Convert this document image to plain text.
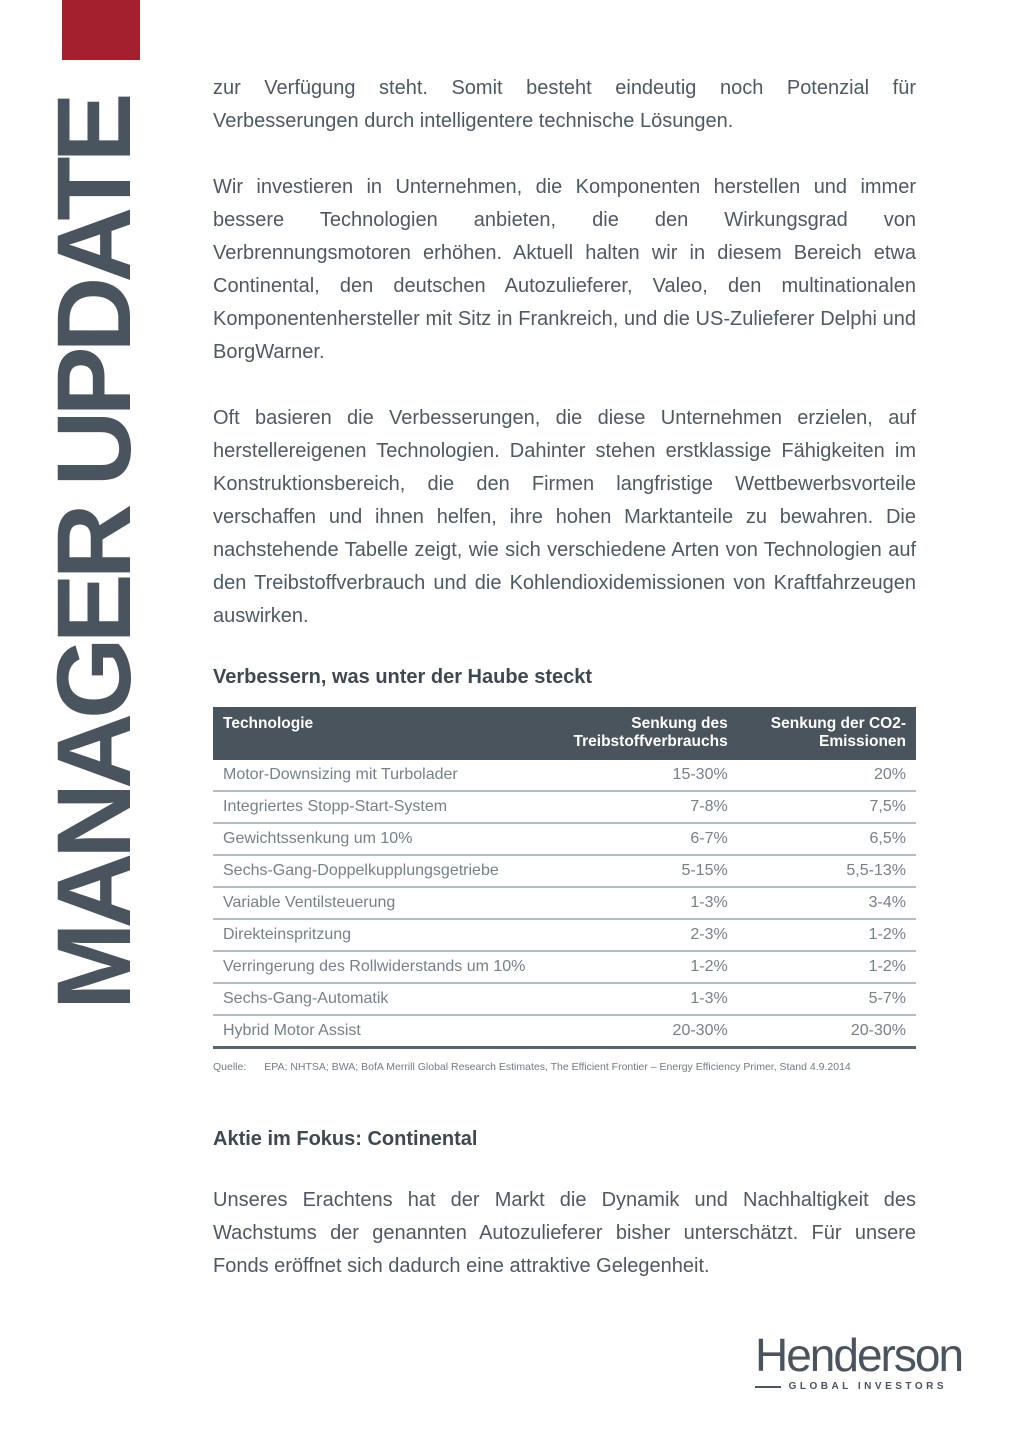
MANAGER UPDATE

zur Verfügung steht. Somit besteht eindeutig noch Potenzial für Verbesserungen durch intelligentere technische Lösungen.

Wir investieren in Unternehmen, die Komponenten herstellen und immer bessere Technologien anbieten, die den Wirkungsgrad von Verbrennungsmotoren erhöhen. Aktuell halten wir in diesem Bereich etwa Continental, den deutschen Autozulieferer, Valeo, den multinationalen Komponentenhersteller mit Sitz in Frankreich, und die US-Zulieferer Delphi und BorgWarner.

Oft basieren die Verbesserungen, die diese Unternehmen erzielen, auf herstellereigenen Technologien. Dahinter stehen erstklassige Fähigkeiten im Konstruktionsbereich, die den Firmen langfristige Wettbewerbsvorteile verschaffen und ihnen helfen, ihre hohen Marktanteile zu bewahren. Die nachstehende Tabelle zeigt, wie sich verschiedene Arten von Technologien auf den Treibstoffverbrauch und die Kohlendioxidemissionen von Kraftfahrzeugen auswirken.

Verbessern, was unter der Haube steckt
Technologie	Senkung des Treibstoffverbrauchs	Senkung der CO2-Emissionen
Motor-Downsizing mit Turbolader	15-30%	20%
Integriertes Stopp-Start-System	7-8%	7,5%
Gewichtssenkung um 10%	6-7%	6,5%
Sechs-Gang-Doppelkupplungsgetriebe	5-15%	5,5-13%
Variable Ventilsteuerung	1-3%	3-4%
Direkteinspritzung	2-3%	1-2%
Verringerung des Rollwiderstands um 10%	1-2%	1-2%
Sechs-Gang-Automatik	1-3%	5-7%
Hybrid Motor Assist	20-30%	20-30%
Quelle: EPA; NHTSA; BWA; BofA Merrill Global Research Estimates, The Efficient Frontier – Energy Efficiency Primer, Stand 4.9.2014
Aktie im Fokus: Continental

Unseres Erachtens hat der Markt die Dynamik und Nachhaltigkeit des Wachstums der genannten Autozulieferer bisher unterschätzt. Für unsere Fonds eröffnet sich dadurch eine attraktive Gelegenheit.

Henderson
GLOBAL INVESTORS
